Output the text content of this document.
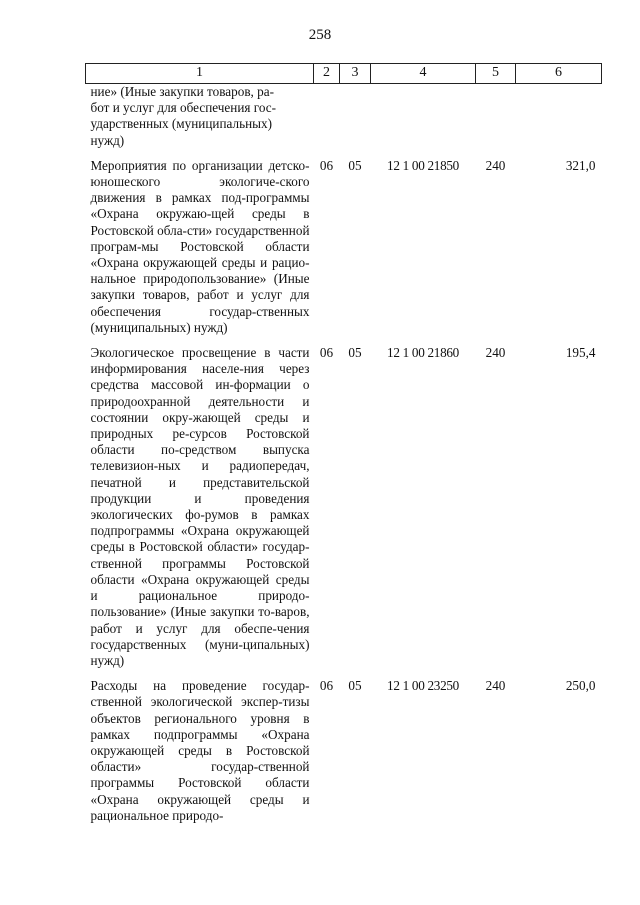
258
1	2	3	4	5	6
ние» (Иные закупки товаров, ра-
бот и услуг для обеспечения гос-
ударственных (муниципальных)
нужд)					

Мероприятия по организации детско-юношеского экологиче-ского движения в рамках под-программы «Охрана окружаю-щей среды в Ростовской обла-сти» государственной програм-мы Ростовской области «Охрана окружающей среды и рацио-нальное природопользование» (Иные закупки товаров, работ и услуг для обеспечения государ-ственных (муниципальных) нужд)	06	05	12 1 00 21850	240	321,0

Экологическое просвещение в части информирования населе-ния через средства массовой ин-формации о природоохранной деятельности и состоянии окру-жающей среды и природных ре-сурсов Ростовской области по-средством выпуска телевизион-ных и радиопередач, печатной и представительской продукции и проведения экологических фо-румов в рамках подпрограммы «Охрана окружающей среды в Ростовской области» государ-ственной программы Ростовской области «Охрана окружающей среды и рациональное природо-пользование» (Иные закупки то-варов, работ и услуг для обеспе-чения государственных (муни-ципальных) нужд)	06	05	12 1 00 21860	240	195,4

Расходы на проведение государ-ственной экологической экспер-тизы объектов регионального уровня в рамках подпрограммы «Охрана окружающей среды в Ростовской области» государ-ственной программы Ростовской области «Охрана окружающей среды и рациональное природо-	06	05	12 1 00 23250	240	250,0
